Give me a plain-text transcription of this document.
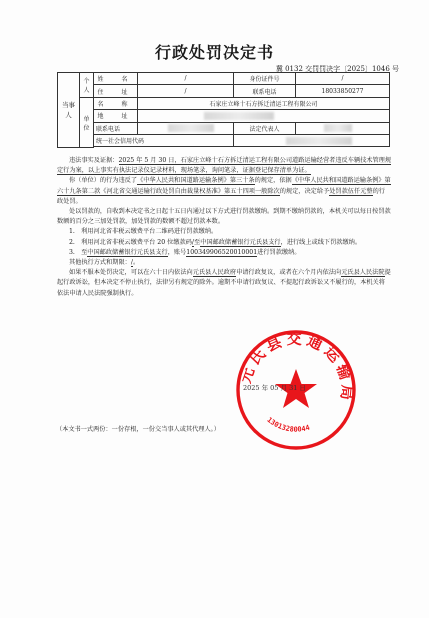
行政处罚决定书
冀 0132 交罚罚决字〔2025〕1046 号
当事人	个人	姓　名	/	身份证件号	/
		住　址	/	联系电话	18033850277
	单位	名　称	石家庄立峰十石方拆迁清运工程有限公司		
		地　址			
		联系电话		法定代表人	
		统一社会信用代码			

违法事实及证据：2025 年 5 月 30 日，石家庄立峰十石方拆迁清运工程有限公司道路运输经营者违反车辆技术管理规定行为案，以上事实有执法记录仪记录材料，现场笔录，询问笔录，证据登记保存清单为证。

你（单位）的行为违反了《中华人民共和国道路运输条例》第三十条的规定，依据《中华人民共和国道路运输条例》第六十九条第二款《河北省交通运输行政处罚自由裁量权基准》第五十四项一般除次的规定，决定给予处罚款伍仟元整的行政处罚。

处以罚款的，自收到本决定书之日起十五日内通过以下方式进行罚款缴纳。到期不缴纳罚款的，本机关可以每日按罚款数额的百分之三加处罚款，加处罚款的数额不超过罚款本数。

1.　利用河北省非税云缴费平台二维码进行罚款缴纳。

2.　利用河北省非税云缴费平台 20 位缴款码/至中国邮政储蓄银行元氏县支行，进行线上或线下罚款缴纳。

3.　至中国邮政储蓄银行元氏县支行，账号100349906520010001进行罚款缴纳。

其他执行方式和期限：/。

如果不服本处罚决定，可以在六十日内依法向元氏县人民政府申请行政复议，或者在六个月内依法向元氏县人民法院提起行政诉讼，但本决定不停止执行，法律另有规定的除外。逾期不申请行政复议、不提起行政诉讼又不履行的，本机关将依法申请人民法院强制执行。

元氏县交通运输局
13013280044
2025 年 05 月 31 日
（本文书一式两份：一份存根，一份交当事人或其代理人。）
